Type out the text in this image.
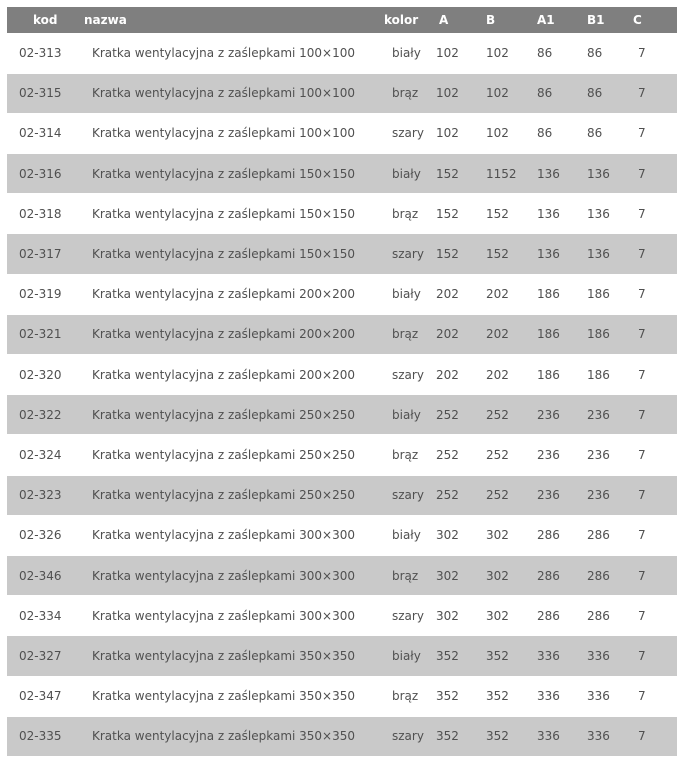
kod	nazwa	kolor	A	B	A1	B1	C
02-313	Kratka wentylacyjna z zaślepkami 100×100	biały	102	102	86	86	7
02-315	Kratka wentylacyjna z zaślepkami 100×100	brąz	102	102	86	86	7
02-314	Kratka wentylacyjna z zaślepkami 100×100	szary	102	102	86	86	7
02-316	Kratka wentylacyjna z zaślepkami 150×150	biały	152	1152	136	136	7
02-318	Kratka wentylacyjna z zaślepkami 150×150	brąz	152	152	136	136	7
02-317	Kratka wentylacyjna z zaślepkami 150×150	szary	152	152	136	136	7
02-319	Kratka wentylacyjna z zaślepkami 200×200	biały	202	202	186	186	7
02-321	Kratka wentylacyjna z zaślepkami 200×200	brąz	202	202	186	186	7
02-320	Kratka wentylacyjna z zaślepkami 200×200	szary	202	202	186	186	7
02-322	Kratka wentylacyjna z zaślepkami 250×250	biały	252	252	236	236	7
02-324	Kratka wentylacyjna z zaślepkami 250×250	brąz	252	252	236	236	7
02-323	Kratka wentylacyjna z zaślepkami 250×250	szary	252	252	236	236	7
02-326	Kratka wentylacyjna z zaślepkami 300×300	biały	302	302	286	286	7
02-346	Kratka wentylacyjna z zaślepkami 300×300	brąz	302	302	286	286	7
02-334	Kratka wentylacyjna z zaślepkami 300×300	szary	302	302	286	286	7
02-327	Kratka wentylacyjna z zaślepkami 350×350	biały	352	352	336	336	7
02-347	Kratka wentylacyjna z zaślepkami 350×350	brąz	352	352	336	336	7
02-335	Kratka wentylacyjna z zaślepkami 350×350	szary	352	352	336	336	7
